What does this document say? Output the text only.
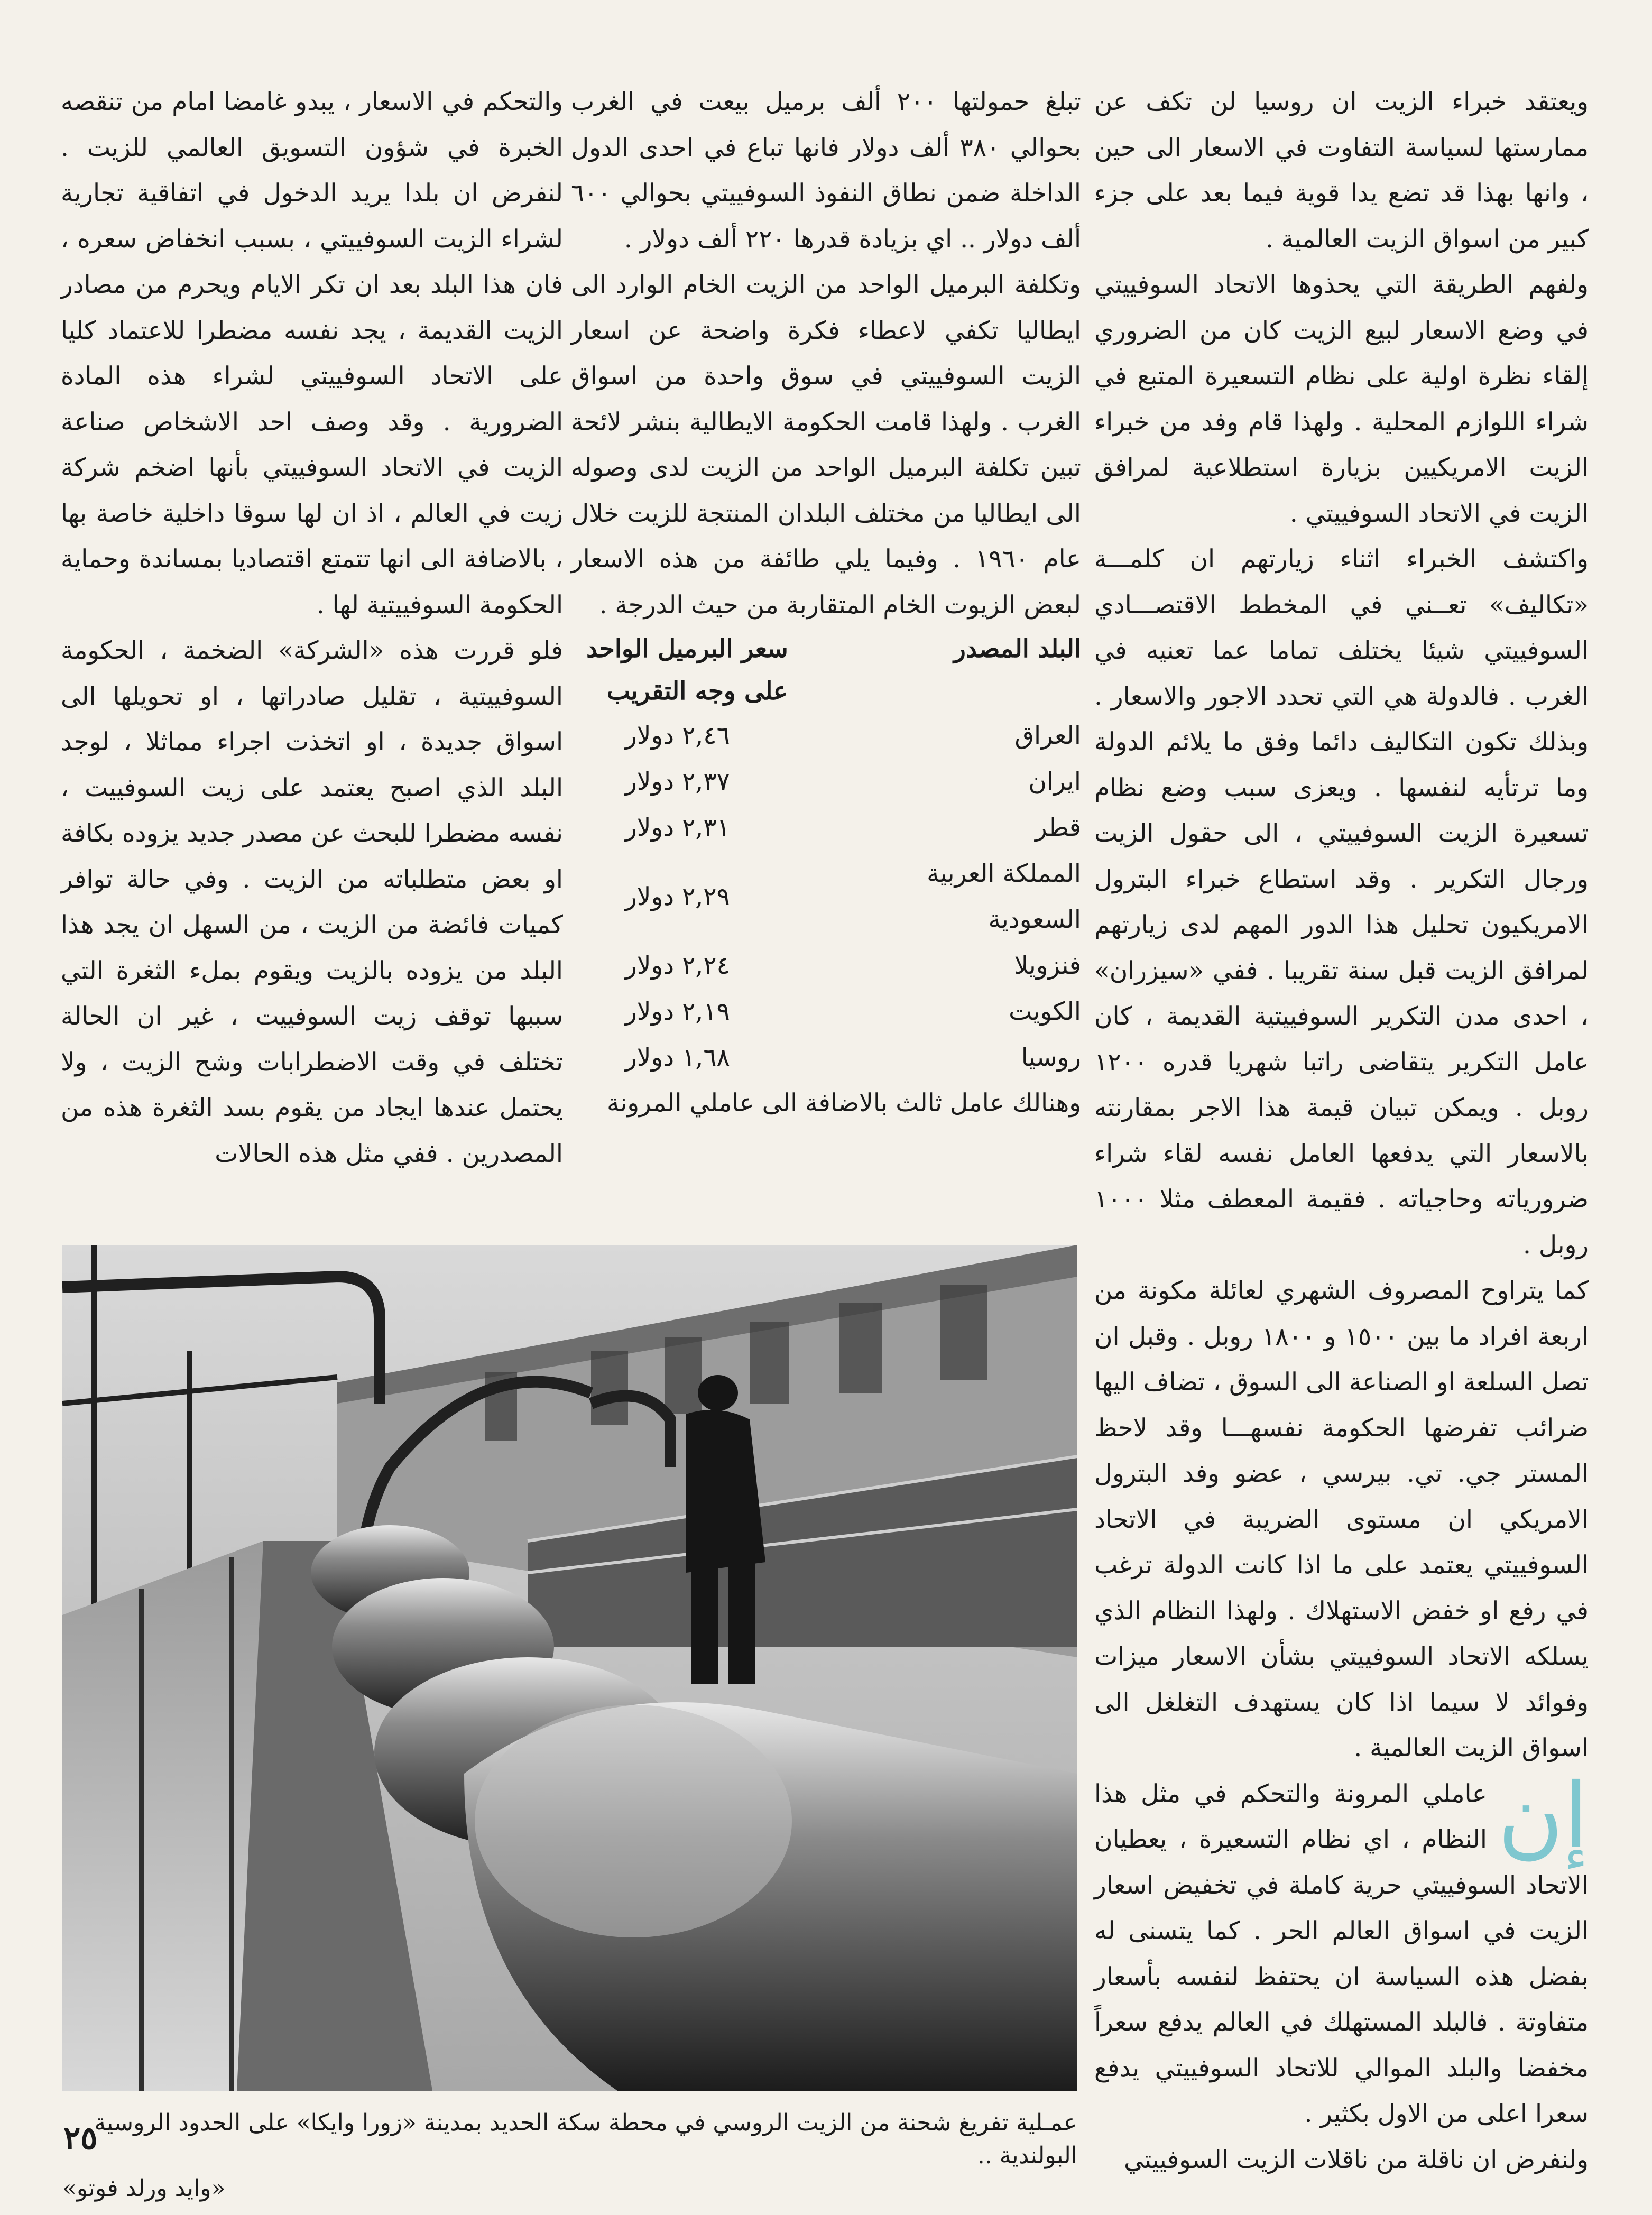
ويعتقد خبراء الزيت ان روسيا لن تكف عن ممارستها لسياسة التفاوت في الاسعار الى حين ، وانها بهذا قد تضع يدا قوية فيما بعد على جزء كبير من اسواق الزيت العالمية .

ولفهم الطريقة التي يحذوها الاتحاد السوفييتي في وضع الاسعار لبيع الزيت كان من الضروري إلقاء نظرة اولية على نظام التسعيرة المتبع في شراء اللوازم المحلية . ولهذا قام وفد من خبراء الزيت الامريكيين بزيارة استطلاعية لمرافق الزيت في الاتحاد السوفييتي .

واكتشف الخبراء اثناء زيارتهم ان كلمـــة «تكاليف» تعــني في المخطط الاقتصـــادي السوفييتي شيئا يختلف تماما عما تعنيه في الغرب . فالدولة هي التي تحدد الاجور والاسعار . وبذلك تكون التكاليف دائما وفق ما يلائم الدولة وما ترتأيه لنفسها . ويعزى سبب وضع نظام تسعيرة الزيت السوفييتي ، الى حقول الزيت ورجال التكرير . وقد استطاع خبراء البترول الامريكيون تحليل هذا الدور المهم لدى زيارتهم لمرافق الزيت قبل سنة تقريبا . ففي «سيزران» ، احدى مدن التكرير السوفييتية القديمة ، كان عامل التكرير يتقاضى راتبا شهريا قدره ١٢٠٠ روبل . ويمكن تبيان قيمة هذا الاجر بمقارنته بالاسعار التي يدفعها العامل نفسه لقاء شراء ضرورياته وحاجياته . فقيمة المعطف مثلا ١٠٠٠ روبل .

كما يتراوح المصروف الشهري لعائلة مكونة من اربعة افراد ما بين ١٥٠٠ و ١٨٠٠ روبل . وقبل ان تصل السلعة او الصناعة الى السوق ، تضاف اليها ضرائب تفرضها الحكومة نفسهـــا وقد لاحظ المستر جي. تي. بيرسي ، عضو وفد البترول الامريكي ان مستوى الضريبة في الاتحاد السوفييتي يعتمد على ما اذا كانت الدولة ترغب في رفع او خفض الاستهلاك . ولهذا النظام الذي يسلكه الاتحاد السوفييتي بشأن الاسعار ميزات وفوائد لا سيما اذا كان يستهدف التغلغل الى اسواق الزيت العالمية .

إن
عاملي المرونة والتحكم في مثل هذا النظام ، اي نظام التسعيرة ، يعطيان الاتحاد السوفييتي حرية كاملة في تخفيض اسعار الزيت في اسواق العالم الحر . كما يتسنى له بفضل هذه السياسة ان يحتفظ لنفسه بأسعار متفاوتة . فالبلد المستهلك في العالم يدفع سعراً مخفضا والبلد الموالي للاتحاد السوفييتي يدفع سعرا اعلى من الاول بكثير .

ولنفرض ان ناقلة من ناقلات الزيت السوفييتي

تبلغ حمولتها ٢٠٠ ألف برميل بيعت في الغرب بحوالي ٣٨٠ ألف دولار فانها تباع في احدى الدول الداخلة ضمن نطاق النفوذ السوفييتي بحوالي ٦٠٠ ألف دولار .. اي بزيادة قدرها ٢٢٠ ألف دولار .

وتكلفة البرميل الواحد من الزيت الخام الوارد الى ايطاليا تكفي لاعطاء فكرة واضحة عن اسعار الزيت السوفييتي في سوق واحدة من اسواق الغرب . ولهذا قامت الحكومة الايطالية بنشر لائحة تبين تكلفة البرميل الواحد من الزيت لدى وصوله الى ايطاليا من مختلف البلدان المنتجة للزيت خلال عام ١٩٦٠ . وفيما يلي طائفة من هذه الاسعار لبعض الزيوت الخام المتقاربة من حيث الدرجة .

البلد المصدر	سعر البرميل الواحد على وجه التقريب
العراق	٢,٤٦ دولار
ايران	٢,٣٧ دولار
قطر	٢,٣١ دولار
المملكة العربية السعودية	٢,٢٩ دولار
فنزويلا	٢,٢٤ دولار
الكويت	٢,١٩ دولار
روسيا	١,٦٨ دولار

وهنالك عامل ثالث بالاضافة الى عاملي المرونة

والتحكم في الاسعار ، يبدو غامضا امام من تنقصه الخبرة في شؤون التسويق العالمي للزيت . لنفرض ان بلدا يريد الدخول في اتفاقية تجارية لشراء الزيت السوفييتي ، بسبب انخفاض سعره ، فان هذا البلد بعد ان تكر الايام ويحرم من مصادر الزيت القديمة ، يجد نفسه مضطرا للاعتماد كليا على الاتحاد السوفييتي لشراء هذه المادة الضرورية . وقد وصف احد الاشخاص صناعة الزيت في الاتحاد السوفييتي بأنها اضخم شركة زيت في العالم ، اذ ان لها سوقا داخلية خاصة بها ، بالاضافة الى انها تتمتع اقتصاديا بمساندة وحماية الحكومة السوفييتية لها .

فلو قررت هذه «الشركة» الضخمة ، الحكومة السوفييتية ، تقليل صادراتها ، او تحويلها الى اسواق جديدة ، او اتخذت اجراء مماثلا ، لوجد البلد الذي اصبح يعتمد على زيت السوفييت ، نفسه مضطرا للبحث عن مصدر جديد يزوده بكافة او بعض متطلباته من الزيت . وفي حالة توافر كميات فائضة من الزيت ، من السهل ان يجد هذا البلد من يزوده بالزيت ويقوم بملء الثغرة التي سببها توقف زيت السوفييت ، غير ان الحالة تختلف في وقت الاضطرابات وشح الزيت ، ولا يحتمل عندها ايجاد من يقوم بسد الثغرة هذه من المصدرين . ففي مثل هذه الحالات

عمـلية تفريغ شحنة من الزيت الروسي في محطة سكة الحديد بمدينة «زورا وايكا» على الحدود الروسية البولندية ..
«وايد ورلد فوتو»
٢٥
